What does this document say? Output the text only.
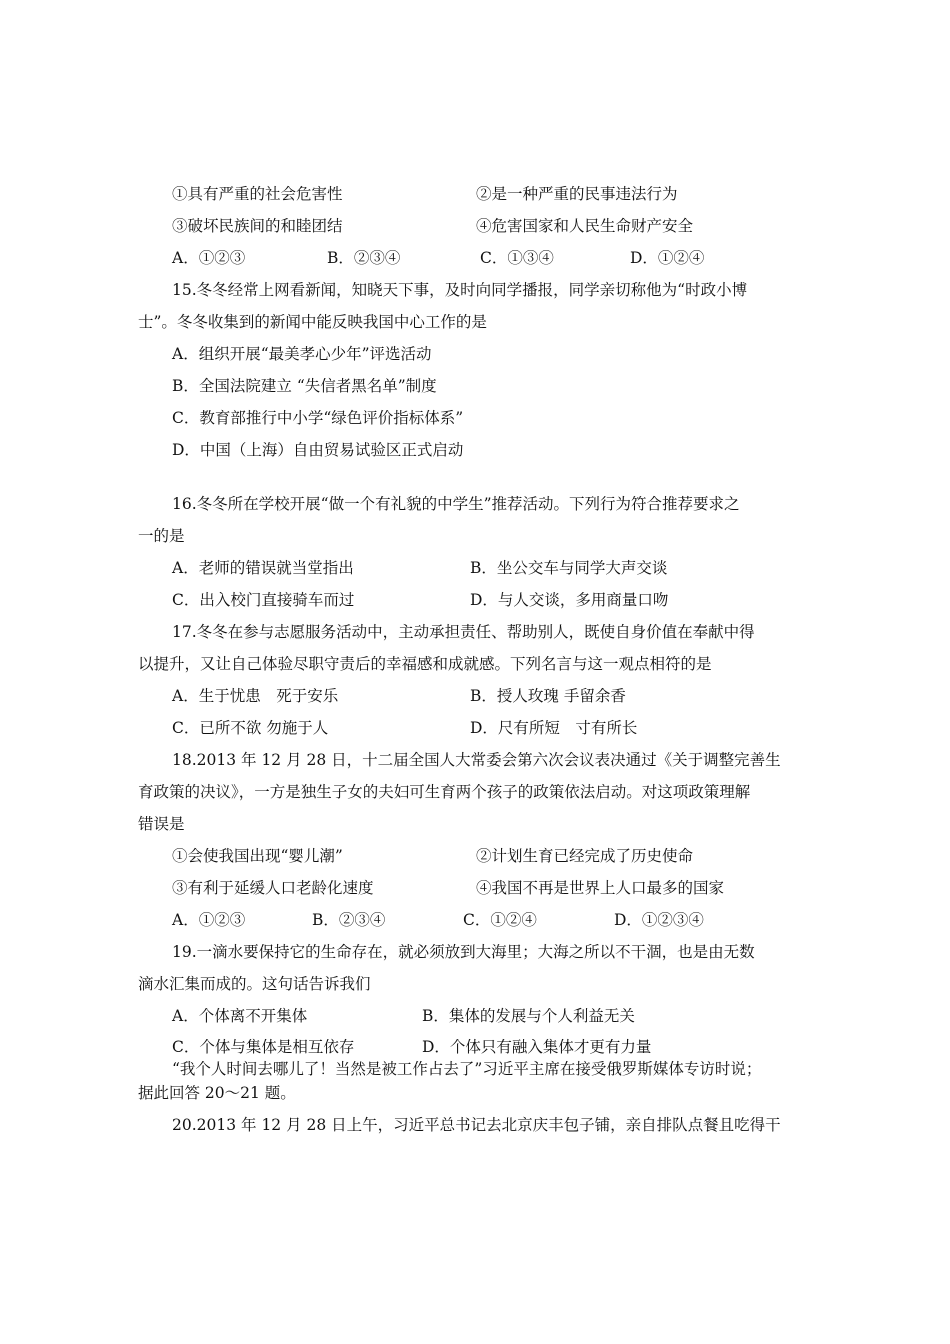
①具有严重的社会危害性	②是一种严重的民事违法行为
③破坏民族间的和睦团结	④危害国家和人民生命财产安全
A．①②③	B．②③④	C．①③④	D．①②④
15.冬冬经常上网看新闻，知晓天下事，及时向同学播报，同学亲切称他为“时政小博
士”。冬冬收集到的新闻中能反映我国中心工作的是
A．组织开展“最美孝心少年”评选活动
B．全国法院建立 “失信者黑名单”制度
C．教育部推行中小学“绿色评价指标体系”
D．中国（上海）自由贸易试验区正式启动
16.冬冬所在学校开展“做一个有礼貌的中学生”推荐活动。下列行为符合推荐要求之
一的是
A．老师的错误就当堂指出	B．坐公交车与同学大声交谈
C．出入校门直接骑车而过	D．与人交谈，多用商量口吻
17.冬冬在参与志愿服务活动中，主动承担责任、帮助别人，既使自身价值在奉献中得
以提升，又让自己体验尽职守责后的幸福感和成就感。下列名言与这一观点相符的是
A．生于忧患　死于安乐	B．授人玫瑰 手留余香
C．已所不欲 勿施于人	D．尺有所短　寸有所长
18.2013 年 12 月 28 日，十二届全国人大常委会第六次会议表决通过《关于调整完善生
育政策的决议》，一方是独生子女的夫妇可生育两个孩子的政策依法启动。对这项政策理解
错误是
①会使我国出现“婴儿潮”	②计划生育已经完成了历史使命
③有利于延缓人口老龄化速度	④我国不再是世界上人口最多的国家
A．①②③	B．②③④	C．①②④	D．①②③④
19.一滴水要保持它的生命存在，就必须放到大海里；大海之所以不干涸，也是由无数
滴水汇集而成的。这句话告诉我们
A．个体离不开集体	B．集体的发展与个人利益无关
C．个体与集体是相互依存	D．个体只有融入集体才更有力量
“我个人时间去哪儿了！当然是被工作占去了”习近平主席在接受俄罗斯媒体专访时说；
据此回答 20～21 题。
20.2013 年 12 月 28 日上午，习近平总书记去北京庆丰包子铺，亲自排队点餐且吃得干
